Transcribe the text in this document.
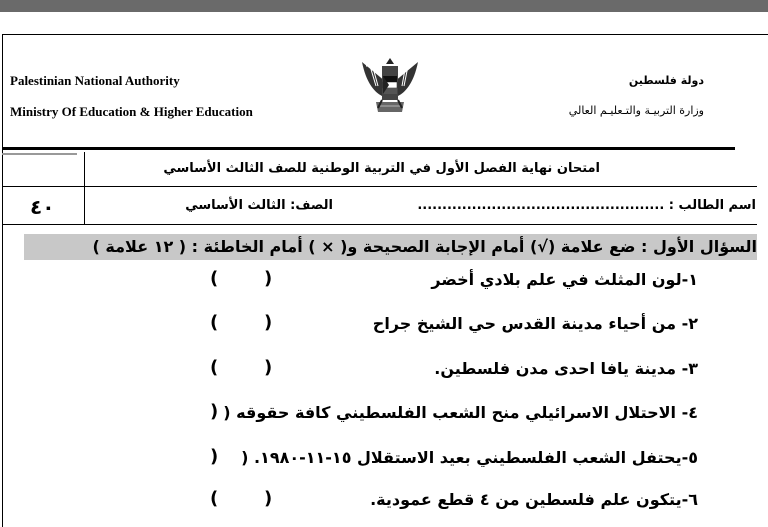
Palestinian National Authority
Ministry Of Education & Higher Education
دولة فلسطين
وزارة التربيـة والتـعليـم العالي
امتحان نهاية الفصل الأول في التربية الوطنية للصف الثالث الأساسي
اسم الطالب : ..................................................
الصف: الثالث الأساسي
٤٠
السؤال الأول : ضع علامة (√) أمام الإجابة الصحيحة و( × ) أمام الخاطئة : ( ١٢ علامة )
١-لون المثلث في علم بلادي أخضر
(	)
٢- من أحياء مدينة القدس حي الشيخ جراح
(	)
٣- مدينة يافا احدى مدن فلسطين.
(	)
٤- الاحتلال الاسرائيلي منح الشعب الفلسطيني كافة حقوقه (
)
٥-يحتفل الشعب الفلسطيني بعيد الاستقلال ١٥-١١-١٩٨٠. (
)
٦-يتكون علم فلسطين من ٤ قطع عمودية.
(	)
